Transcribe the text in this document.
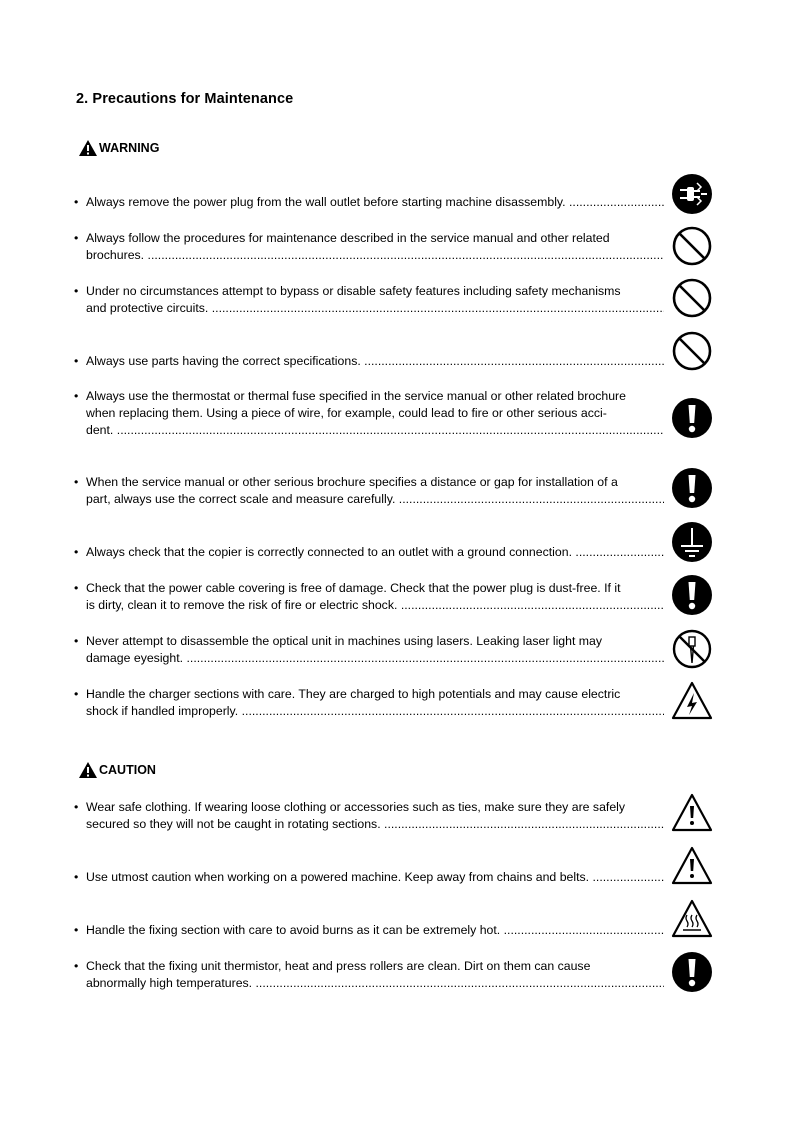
2. Precautions for Maintenance
WARNING
• Always remove the power plug from the wall outlet before starting machine disassembly. .....
• Always follow the procedures for maintenance described in the service manual and other related
brochures. .....
• Under no circumstances attempt to bypass or disable safety features including safety mechanisms
and protective circuits. .....
• Always use parts having the correct specifications. .....
• Always use the thermostat or thermal fuse specified in the service manual or other related brochure
when replacing them. Using a piece of wire, for example, could lead to fire or other serious acci-
dent. .....
• When the service manual or other serious brochure specifies a distance or gap for installation of a
part, always use the correct scale and measure carefully. .....
• Always check that the copier is correctly connected to an outlet with a ground connection. .....
• Check that the power cable covering is free of damage. Check that the power plug is dust-free. If it
is dirty, clean it to remove the risk of fire or electric shock. .....
• Never attempt to disassemble the optical unit in machines using lasers. Leaking laser light may
damage eyesight. .....
• Handle the charger sections with care. They are charged to high potentials and may cause electric
shock if handled improperly. .....
CAUTION
• Wear safe clothing. If wearing loose clothing or accessories such as ties, make sure they are safely
secured so they will not be caught in rotating sections. .....
• Use utmost caution when working on a powered machine. Keep away from chains and belts. .....
• Handle the fixing section with care to avoid burns as it can be extremely hot. .....
• Check that the fixing unit thermistor, heat and press rollers are clean. Dirt on them can cause
abnormally high temperatures. .....
